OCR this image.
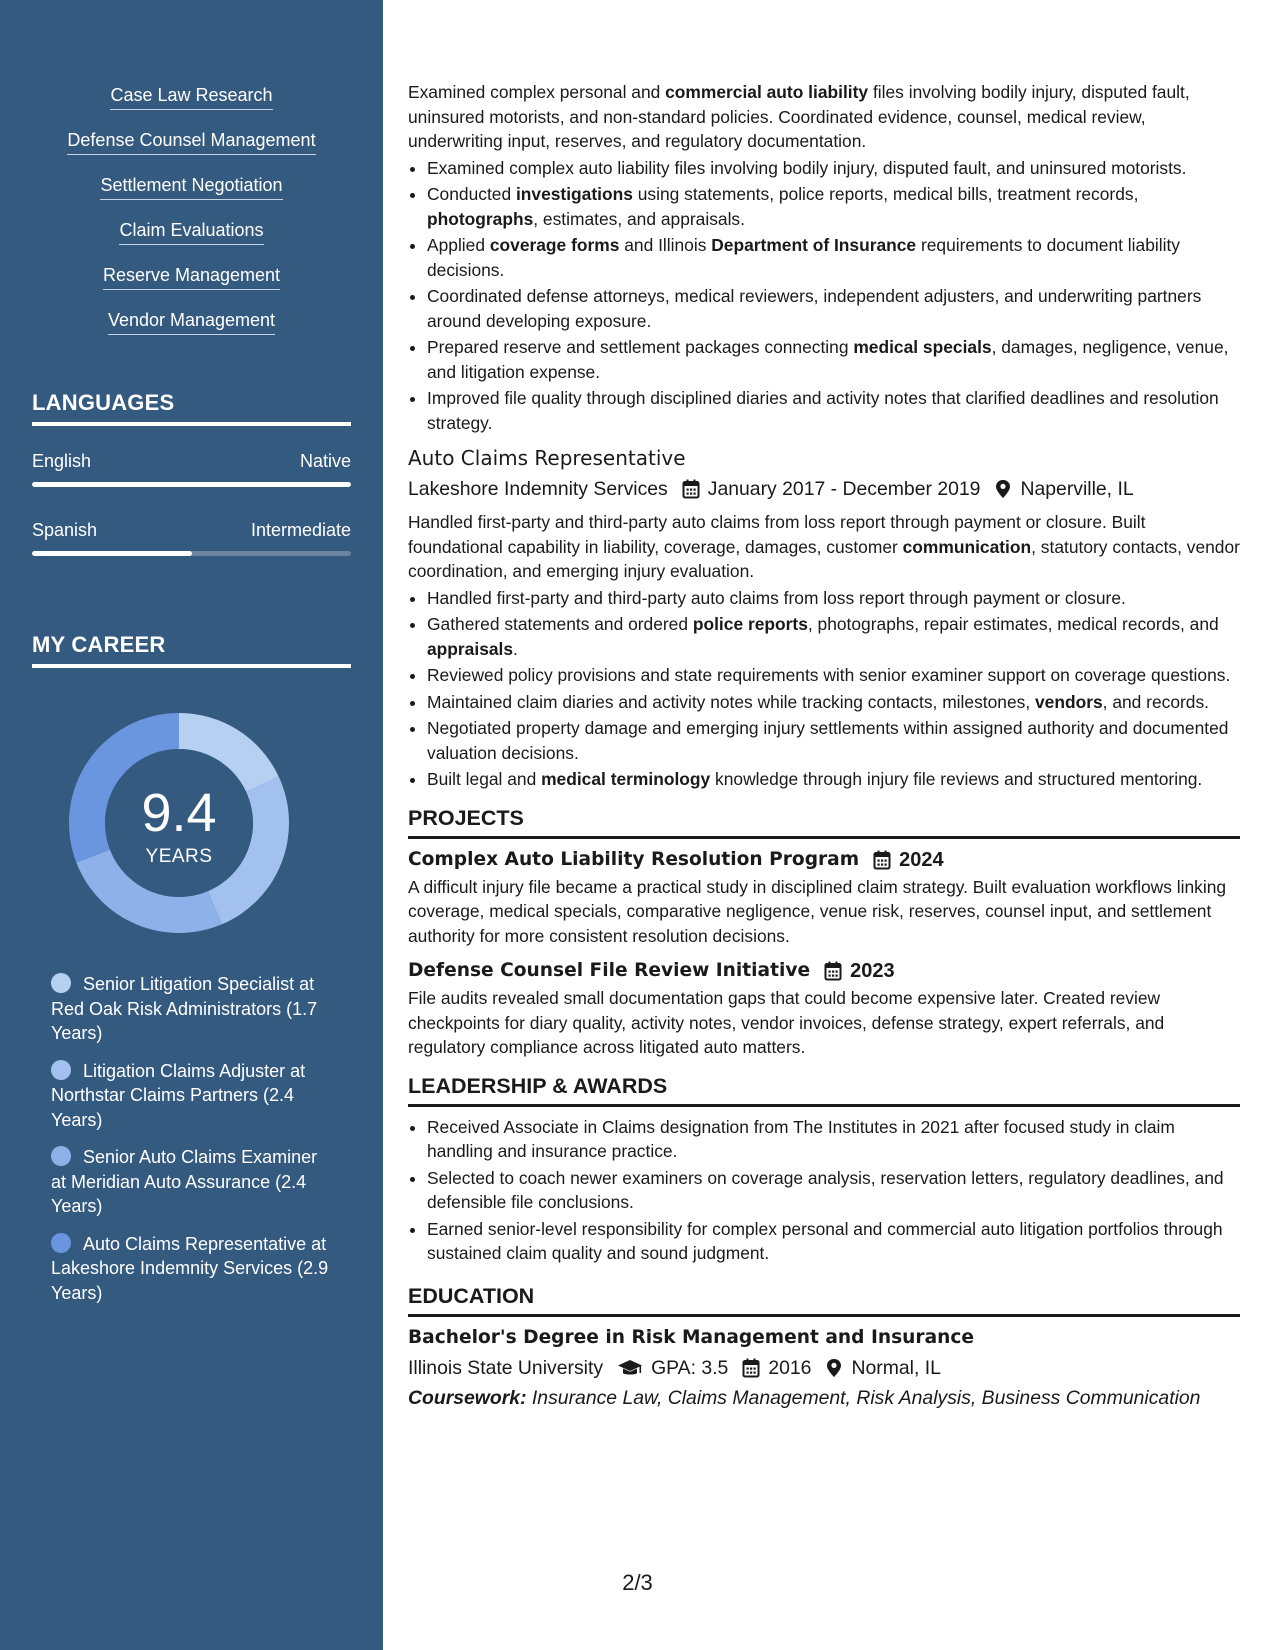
Case Law Research
Defense Counsel Management
Settlement Negotiation
Claim Evaluations
Reserve Management
Vendor Management
LANGUAGES
English	Native
Spanish	Intermediate
MY CAREER
9.4
YEARS
Senior Litigation Specialist at Red Oak Risk Administrators (1.7 Years)
Litigation Claims Adjuster at Northstar Claims Partners (2.4 Years)
Senior Auto Claims Examiner at Meridian Auto Assurance (2.4 Years)
Auto Claims Representative at Lakeshore Indemnity Services (2.9 Years)

Examined complex personal and commercial auto liability files involving bodily injury, disputed fault, uninsured motorists, and non-standard policies. Coordinated evidence, counsel, medical review, underwriting input, reserves, and regulatory documentation.

• Examined complex auto liability files involving bodily injury, disputed fault, and uninsured motorists.
• Conducted investigations using statements, police reports, medical bills, treatment records, photographs, estimates, and appraisals.
• Applied coverage forms and Illinois Department of Insurance requirements to document liability decisions.
• Coordinated defense attorneys, medical reviewers, independent adjusters, and underwriting partners around developing exposure.
• Prepared reserve and settlement packages connecting medical specials, damages, negligence, venue, and litigation expense.
• Improved file quality through disciplined diaries and activity notes that clarified deadlines and resolution strategy.
Auto Claims Representative
Lakeshore Indemnity Services January 2017 - December 2019 Naperville, IL

Handled first-party and third-party auto claims from loss report through payment or closure. Built foundational capability in liability, coverage, damages, customer communication, statutory contacts, vendor coordination, and emerging injury evaluation.

• Handled first-party and third-party auto claims from loss report through payment or closure.
• Gathered statements and ordered police reports, photographs, repair estimates, medical records, and appraisals.
• Reviewed policy provisions and state requirements with senior examiner support on coverage questions.
• Maintained claim diaries and activity notes while tracking contacts, milestones, vendors, and records.
• Negotiated property damage and emerging injury settlements within assigned authority and documented valuation decisions.
• Built legal and medical terminology knowledge through injury file reviews and structured mentoring.
PROJECTS
Complex Auto Liability Resolution Program 2024

A difficult injury file became a practical study in disciplined claim strategy. Built evaluation workflows linking coverage, medical specials, comparative negligence, venue risk, reserves, counsel input, and settlement authority for more consistent resolution decisions.

Defense Counsel File Review Initiative 2023

File audits revealed small documentation gaps that could become expensive later. Created review checkpoints for diary quality, activity notes, vendor invoices, defense strategy, expert referrals, and regulatory compliance across litigated auto matters.

LEADERSHIP & AWARDS
• Received Associate in Claims designation from The Institutes in 2021 after focused study in claim handling and insurance practice.
• Selected to coach newer examiners on coverage analysis, reservation letters, regulatory deadlines, and defensible file conclusions.
• Earned senior-level responsibility for complex personal and commercial auto litigation portfolios through sustained claim quality and sound judgment.
EDUCATION
Bachelor's Degree in Risk Management and Insurance
Illinois State University GPA: 3.5 2016 Normal, IL
Coursework: Insurance Law, Claims Management, Risk Analysis, Business Communication
2/3
